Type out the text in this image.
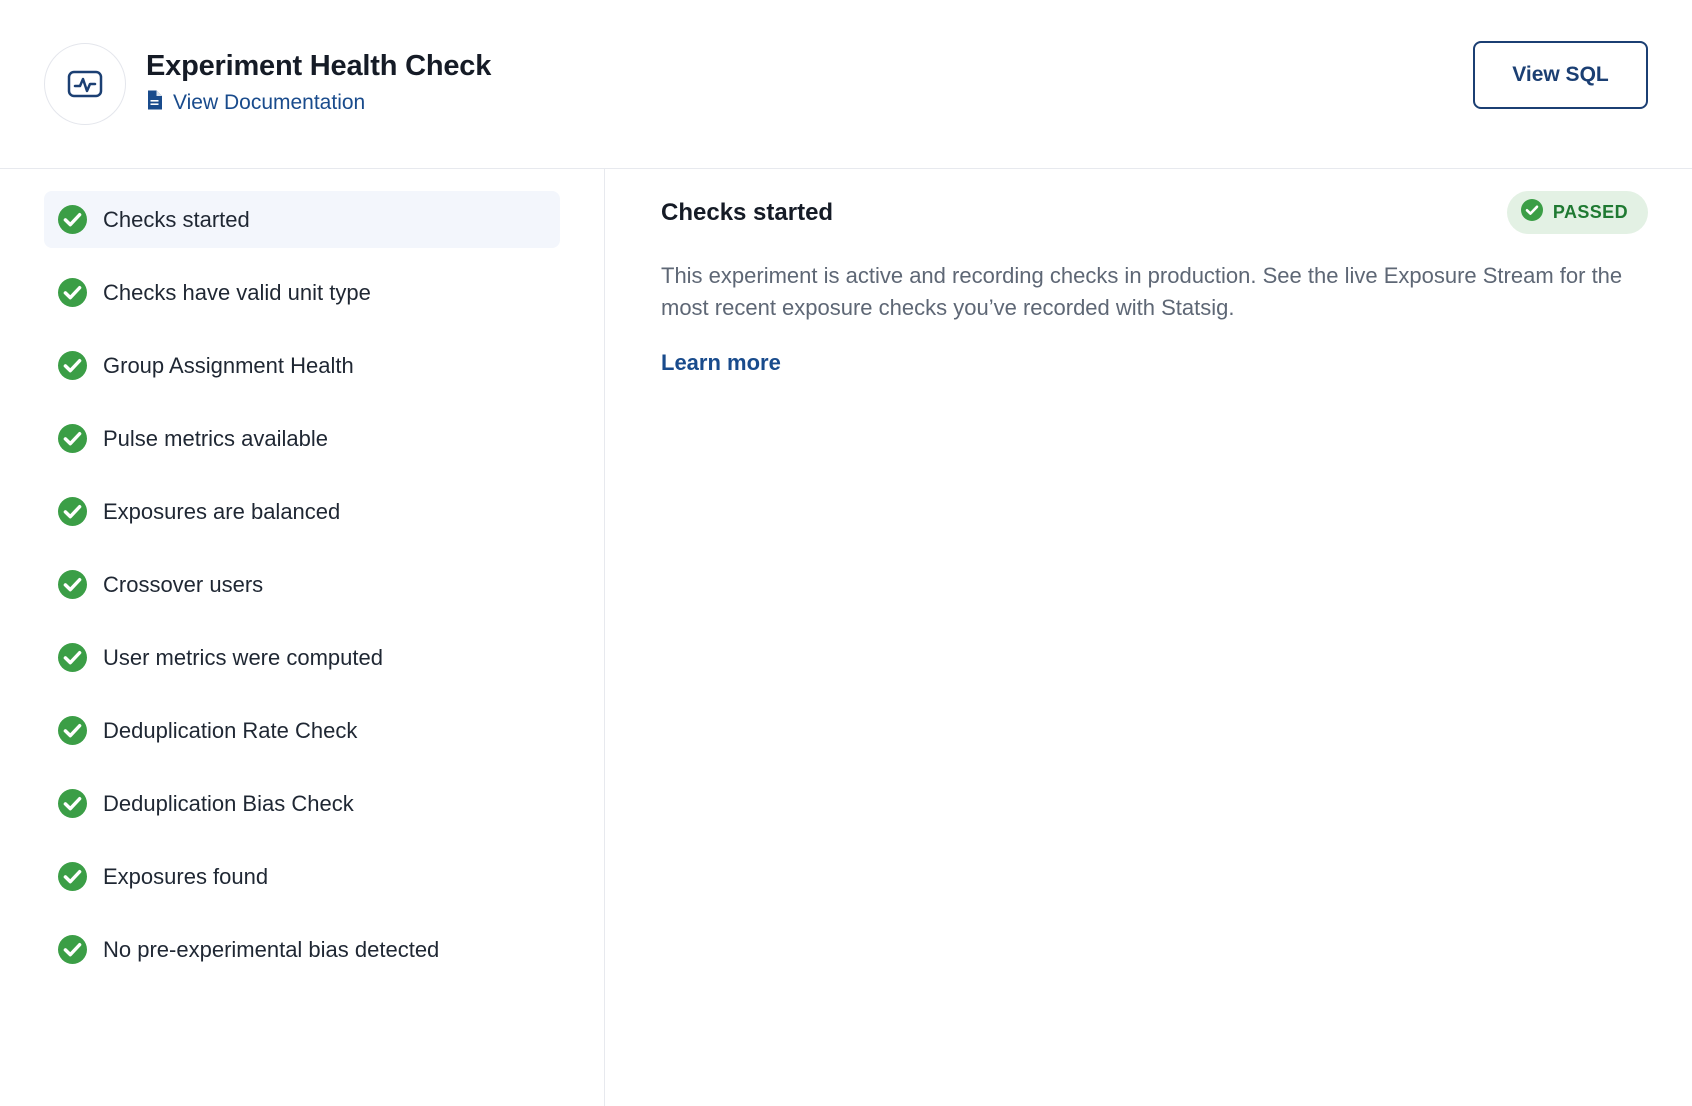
Experiment Health Check
View Documentation
View SQL
Checks started
Checks have valid unit type
Group Assignment Health
Pulse metrics available
Exposures are balanced
Crossover users
User metrics were computed
Deduplication Rate Check
Deduplication Bias Check
Exposures found
No pre-experimental bias detected
Checks started	PASSED

This experiment is active and recording checks in production. See the live Exposure Stream for the most recent exposure checks you’ve recorded with Statsig.

Learn more
